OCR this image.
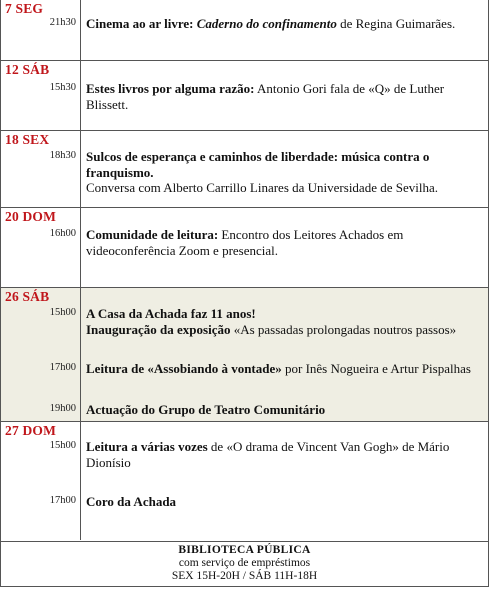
27 DOM
15h00 Leitura a várias vozes de «O drama de Vincent Van Gogh» de Mário Dionísio
17h00 Coro da Achada
26 SÁB
15h00 A Casa da Achada faz 11 anos!
Inauguração da exposição «As passadas prolongadas noutros passos»
17h00 Leitura de «Assobiando à vontade» por Inês Nogueira e Artur Pispalhas
19h00 Actuação do Grupo de Teatro Comunitário
20 DOM
16h00 Comunidade de leitura: Encontro dos Leitores Achados em videoconferência Zoom e presencial.
18 SEX
18h30 Sulcos de esperança e caminhos de liberdade: música contra o franquismo.
Conversa com Alberto Carrillo Linares da Universidade de Sevilha.
12 SÁB
15h30 Estes livros por alguma razão: Antonio Gori fala de «Q» de Luther Blissett.
7 SEG
21h30 Cinema ao ar livre: Caderno do confinamento de Regina Guimarães.
BIBLIOTECA PÚBLICA
com serviço de empréstimos
SEX 15H-20H / SÁB 11H-18H
